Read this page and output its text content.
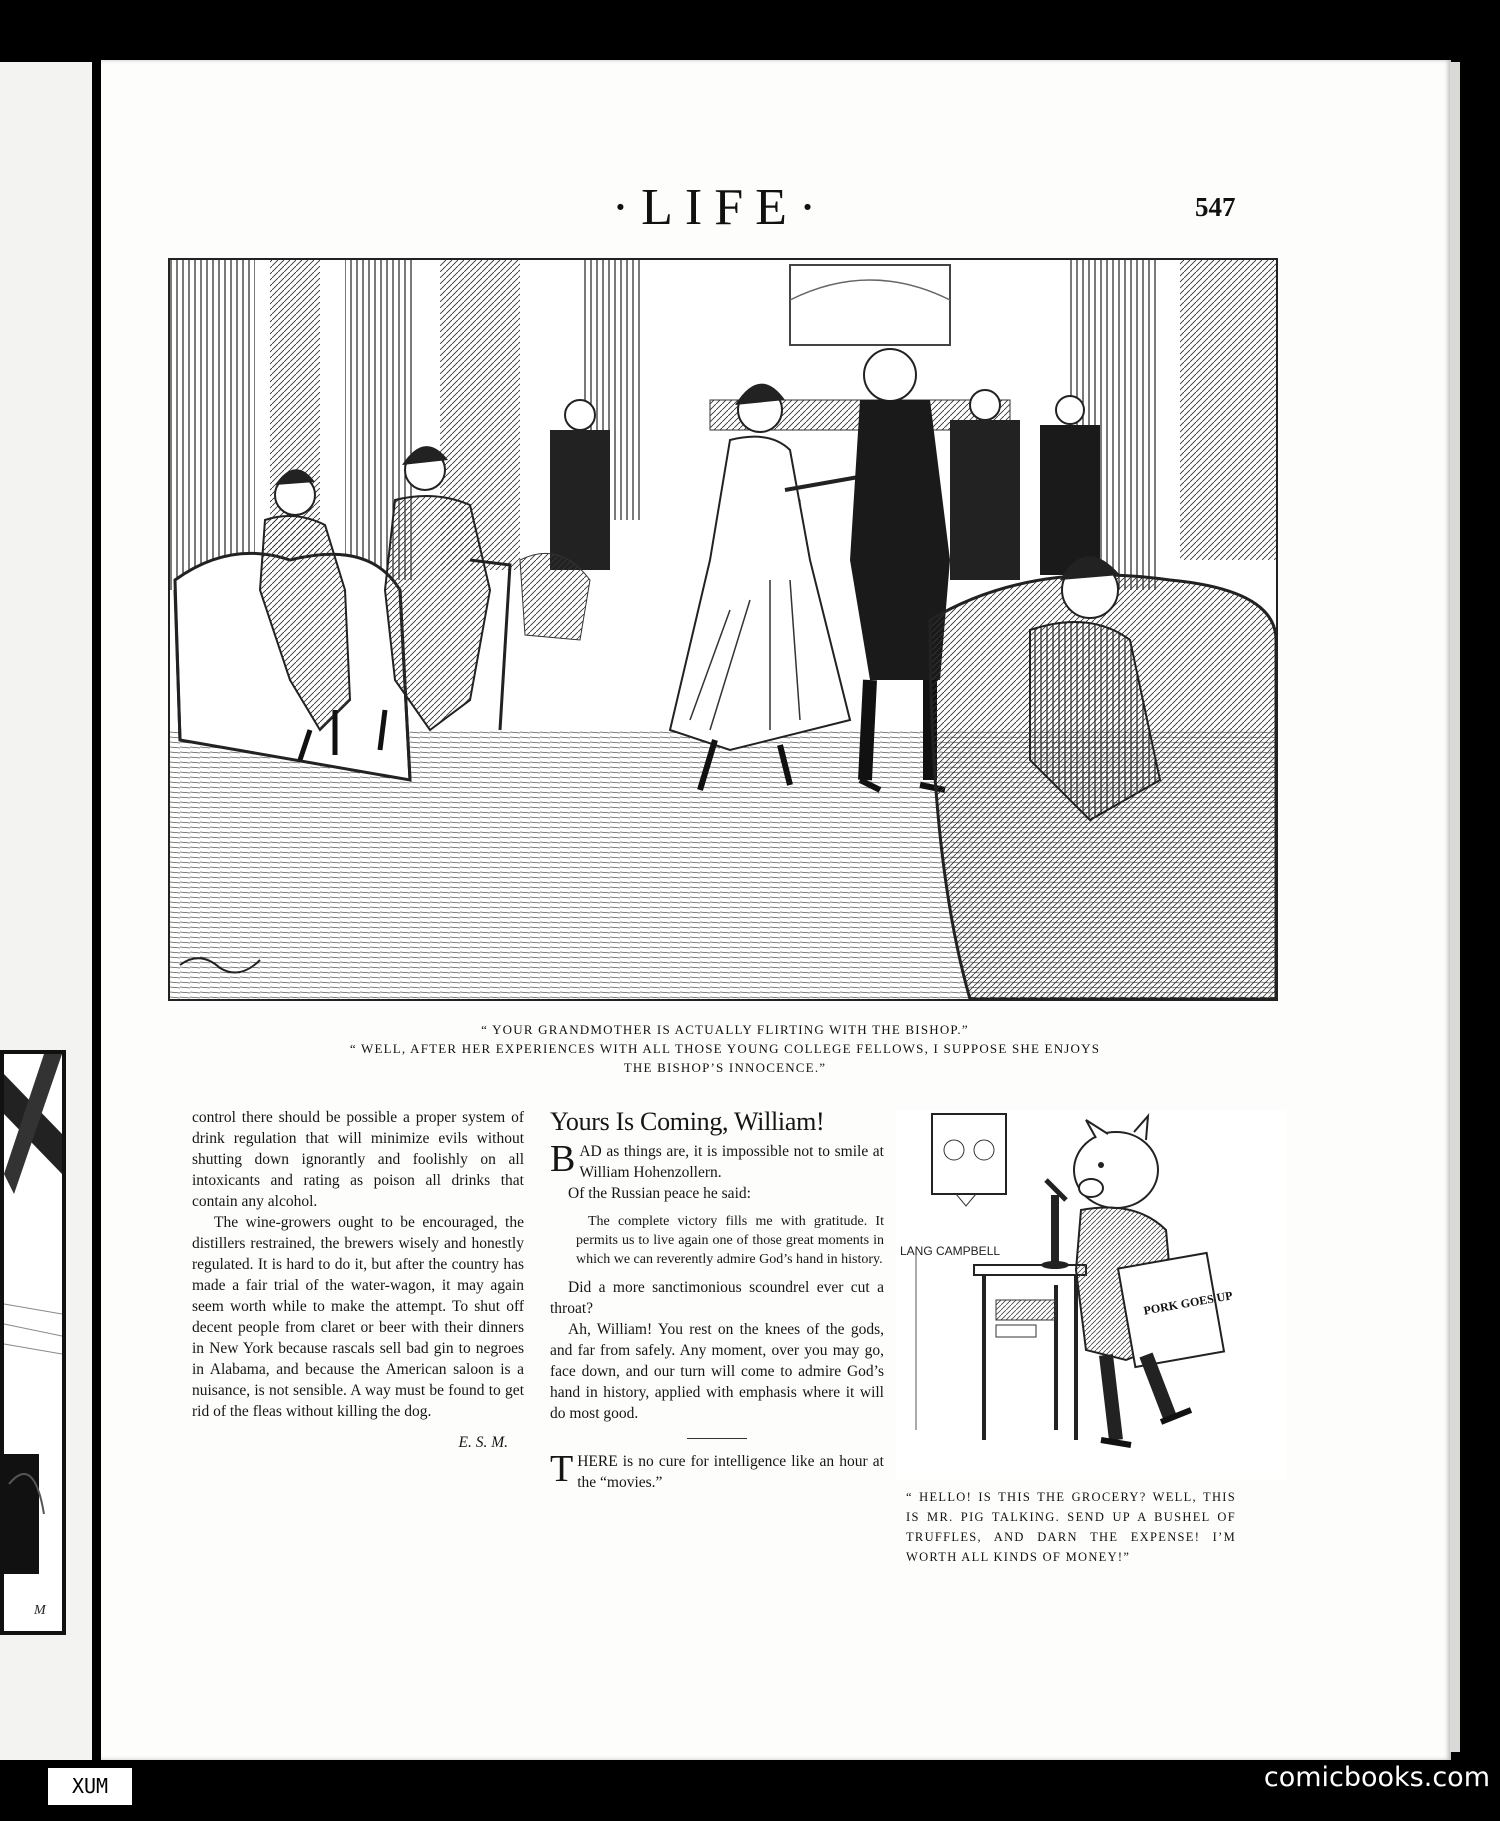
M
·LIFE·	547
“ YOUR GRANDMOTHER IS ACTUALLY FLIRTING WITH THE BISHOP.”
“ WELL, AFTER HER EXPERIENCES WITH ALL THOSE YOUNG COLLEGE FELLOWS, I SUPPOSE SHE ENJOYS
THE BISHOP’S INNOCENCE.”

control there should be possible a proper system of drink regulation that will minimize evils without shutting down ignorantly and foolishly on all intoxicants and rating as poison all drinks that contain any alcohol.

The wine-growers ought to be encouraged, the distillers restrained, the brewers wisely and honestly regulated. It is hard to do it, but after the country has made a fair trial of the water-wagon, it may again seem worth while to make the attempt. To shut off decent people from claret or beer with their dinners in New York because rascals sell bad gin to negroes in Alabama, and because the American saloon is a nuisance, is not sensible. A way must be found to get rid of the fleas without killing the dog.

E. S. M.

Yours Is Coming, William!

BAD as things are, it is impossible not to smile at William Hohenzollern.

Of the Russian peace he said:

The complete victory fills me with gratitude. It permits us to live again one of those great moments in which we can reverently admire God’s hand in history.

Did a more sanctimonious scoundrel ever cut a throat?

Ah, William! You rest on the knees of the gods, and far from safely. Any moment, over you may go, face down, and our turn will come to admire God’s hand in history, applied with emphasis where it will do most good.

THERE is no cure for intelligence like an hour at the “movies.”

LANG CAMPBELL
PORK GOES UP
“ HELLO! IS THIS THE GROCERY? WELL, THIS IS MR. PIG TALKING. SEND UP A BUSHEL OF TRUFFLES, AND DARN THE EXPENSE! I’M WORTH ALL KINDS OF MONEY!”
XUM	comicbooks.com
